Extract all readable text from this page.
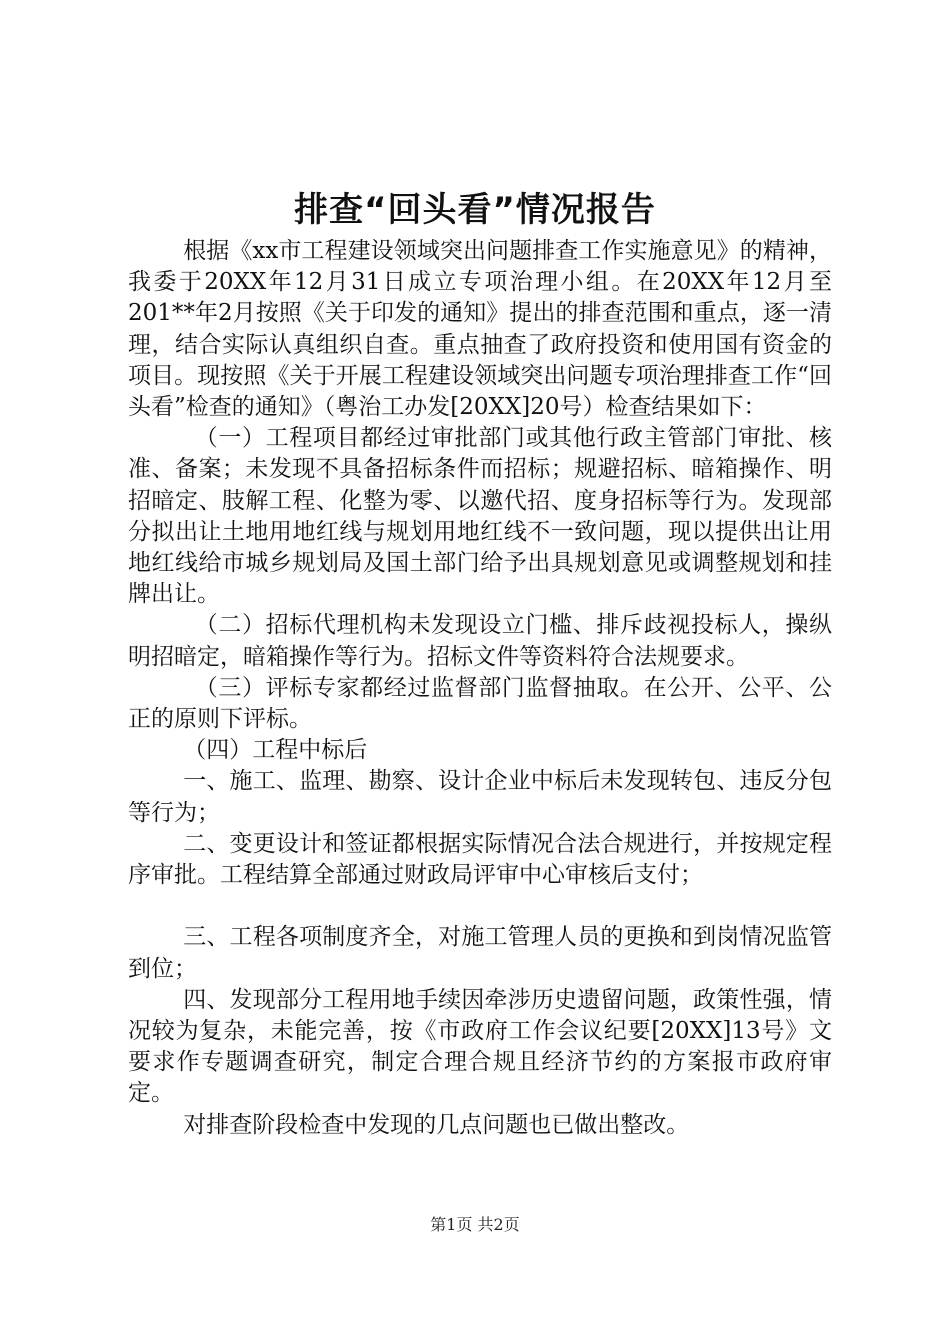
排查“回头看”情况报告

根据《xx市工程建设领域突出问题排查工作实施意见》的精神，我委于20XX年12月31日成立专项治理小组。在20XX年12月至201**年2月按照《关于印发的通知》提出的排查范围和重点，逐一清理，结合实际认真组织自查。重点抽查了政府投资和使用国有资金的项目。现按照《关于开展工程建设领域突出问题专项治理排查工作“回头看”检查的通知》（粤治工办发[20XX]20号）检查结果如下：

（一）工程项目都经过审批部门或其他行政主管部门审批、核准、备案；未发现不具备招标条件而招标；规避招标、暗箱操作、明招暗定、肢解工程、化整为零、以邀代招、度身招标等行为。发现部分拟出让土地用地红线与规划用地红线不一致问题，现以提供出让用地红线给市城乡规划局及国土部门给予出具规划意见或调整规划和挂牌出让。

（二）招标代理机构未发现设立门槛、排斥歧视投标人，操纵明招暗定，暗箱操作等行为。招标文件等资料符合法规要求。

（三）评标专家都经过监督部门监督抽取。在公开、公平、公正的原则下评标。

（四）工程中标后

一、施工、监理、勘察、设计企业中标后未发现转包、违反分包等行为；

二、变更设计和签证都根据实际情况合法合规进行，并按规定程序审批。工程结算全部通过财政局评审中心审核后支付；

三、工程各项制度齐全，对施工管理人员的更换和到岗情况监管到位；

四、发现部分工程用地手续因牵涉历史遗留问题，政策性强，情况较为复杂，未能完善，按《市政府工作会议纪要[20XX]13号》文要求作专题调查研究，制定合理合规且经济节约的方案报市政府审定。

对排查阶段检查中发现的几点问题也已做出整改。

第1页 共2页
